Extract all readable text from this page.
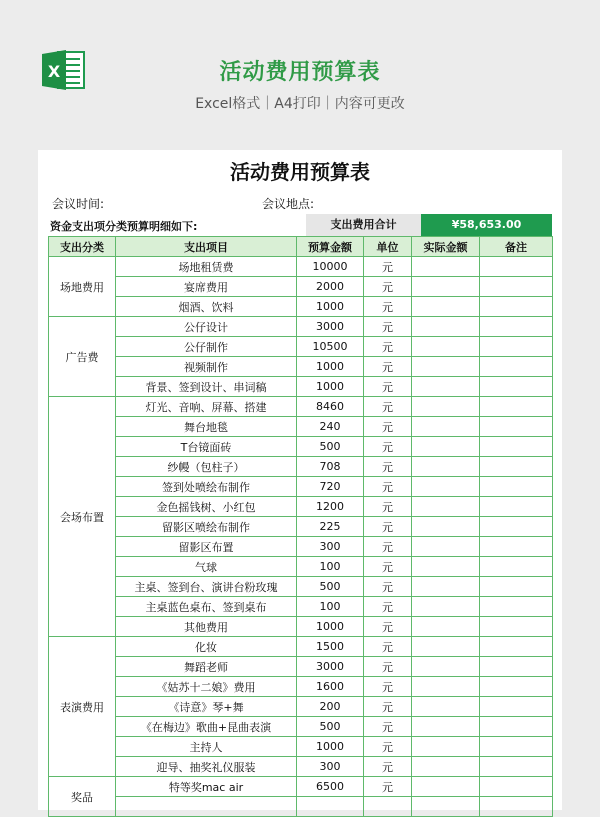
X	活动费用预算表
Excel格式｜A4打印｜内容可更改
活动费用预算表
会议时间:	会议地点:
资金支出项分类预算明细如下:	支出费用合计	¥58,653.00
支出分类	支出项目	预算金额	单位	实际金额	备注
场地费用	场地租赁费	10000	元		
	宴席费用	2000	元		
	烟酒、饮料	1000	元		
广告费	公仔设计	3000	元		
	公仔制作	10500	元		
	视频制作	1000	元		
	背景、签到设计、串词稿	1000	元		
会场布置	灯光、音响、屏幕、搭建	8460	元		
	舞台地毯	240	元		
	T台镜面砖	500	元		
	纱幔（包柱子）	708	元		
	签到处喷绘布制作	720	元		
	金色摇钱树、小红包	1200	元		
	留影区喷绘布制作	225	元		
	留影区布置	300	元		
	气球	100	元		
	主桌、签到台、演讲台粉玫瑰	500	元		
	主桌蓝色桌布、签到桌布	100	元		
	其他费用	1000	元		
表演费用	化妆	1500	元		
	舞蹈老师	3000	元		
	《姑苏十二娘》费用	1600	元		
	《诗意》琴+舞	200	元		
	《在梅边》歌曲+昆曲表演	500	元		
	主持人	1000	元		
	迎导、抽奖礼仪服装	300	元		
奖品	特等奖mac air	6500	元		
